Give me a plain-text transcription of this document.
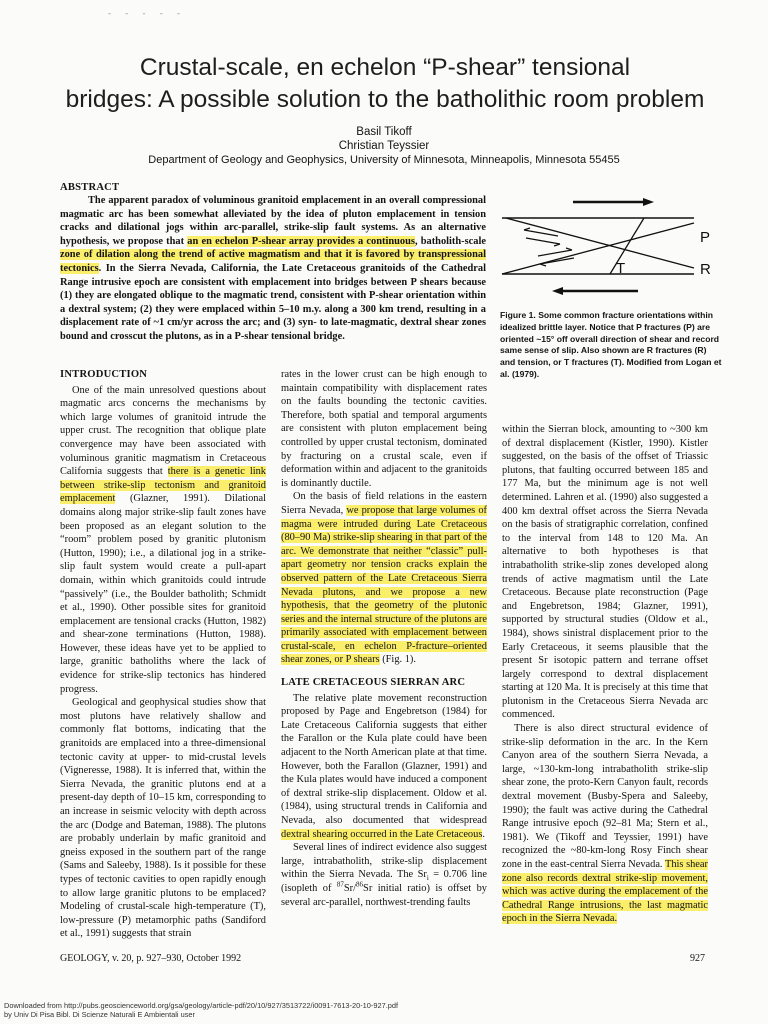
- - - - -
Crustal-scale, en echelon “P-shear” tensional
bridges: A possible solution to the batholithic room problem
Basil Tikoff
Christian Teyssier
Department of Geology and Geophysics, University of Minnesota, Minneapolis, Minnesota 55455
ABSTRACT
The apparent paradox of voluminous granitoid emplacement in an overall compressional magmatic arc has been somewhat alleviated by the idea of pluton emplacement in tension cracks and dilational jogs within arc-parallel, strike-slip fault systems. As an alternative hypothesis, we propose that an en echelon P-shear array provides a continuous, batholith-scale zone of dilation along the trend of active magmatism and that it is favored by transpressional tectonics. In the Sierra Nevada, California, the Late Cretaceous granitoids of the Cathedral Range intrusive epoch are consistent with emplacement into bridges between P shears because (1) they are elongated oblique to the magmatic trend, consistent with P-shear orientation within a dextral system; (2) they were emplaced within 5–10 m.y. along a 300 km trend, resulting in a displacement rate of ~1 cm/yr across the arc; and (3) syn- to late-magmatic, dextral shear zones bound and crosscut the plutons, as in a P-shear tensional bridge.
P
T	R
Figure 1. Some common fracture orientations within idealized brittle layer. Notice that P fractures (P) are oriented ~15° off overall direction of shear and record same sense of slip. Also shown are R fractures (R) and tension, or T fractures (T). Modified from Logan et al. (1979).
INTRODUCTION

One of the main unresolved questions about magmatic arcs concerns the mechanisms by which large volumes of granitoid intrude the upper crust. The recognition that oblique plate convergence may have been associated with voluminous granitic magmatism in Cretaceous California suggests that there is a genetic link between strike-slip tectonism and granitoid emplacement (Glazner, 1991). Dilational domains along major strike-slip fault zones have been proposed as an elegant solution to the “room” problem posed by granitic plutonism (Hutton, 1990); i.e., a dilational jog in a strike-slip fault system would create a pull-apart domain, within which granitoids could intrude “passively” (i.e., the Boulder batholith; Schmidt et al., 1990). Other possible sites for granitoid emplacement are tensional cracks (Hutton, 1982) and shear-zone terminations (Hutton, 1988). However, these ideas have yet to be applied to large, granitic batholiths where the lack of evidence for strike-slip tectonics has hindered progress.

Geological and geophysical studies show that most plutons have relatively shallow and commonly flat bottoms, indicating that the granitoids are emplaced into a three-dimensional tectonic cavity at upper- to mid-crustal levels (Vigneresse, 1988). It is inferred that, within the Sierra Nevada, the granitic plutons end at a present-day depth of 10–15 km, corresponding to an increase in seismic velocity with depth across the arc (Dodge and Bateman, 1988). The plutons are probably underlain by mafic granitoid and gneiss exposed in the southern part of the range (Sams and Saleeby, 1988). Is it possible for these types of tectonic cavities to open rapidly enough to allow large granitic plutons to be emplaced? Modeling of crustal-scale high-temperature (T), low-pressure (P) metamorphic paths (Sandiford et al., 1991) suggests that strain

rates in the lower crust can be high enough to maintain compatibility with displacement rates on the faults bounding the tectonic cavities. Therefore, both spatial and temporal arguments are consistent with pluton emplacement being controlled by upper crustal tectonism, dominated by fracturing on a crustal scale, even if deformation within and adjacent to the granitoids is dominantly ductile.

On the basis of field relations in the eastern Sierra Nevada, we propose that large volumes of magma were intruded during Late Cretaceous (80–90 Ma) strike-slip shearing in that part of the arc. We demonstrate that neither “classic” pull-apart geometry nor tension cracks explain the observed pattern of the Late Cretaceous Sierra Nevada plutons, and we propose a new hypothesis, that the geometry of the plutonic series and the internal structure of the plutons are primarily associated with emplacement between crustal-scale, en echelon P-fracture–oriented shear zones, or P shears (Fig. 1).

LATE CRETACEOUS SIERRAN ARC

The relative plate movement reconstruction proposed by Page and Engebretson (1984) for Late Cretaceous California suggests that either the Farallon or the Kula plate could have been adjacent to the North American plate at that time. However, both the Farallon (Glazner, 1991) and the Kula plates would have induced a component of dextral strike-slip displacement. Oldow et al. (1984), using structural trends in California and Nevada, also documented that widespread dextral shearing occurred in the Late Cretaceous.

Several lines of indirect evidence also suggest large, intrabatholith, strike-slip displacement within the Sierra Nevada. The $Sr_i = 0.706$ line (isopleth of $^{87}$Sr/$^{86}$Sr initial ratio) is offset by several arc-parallel, northwest-trending faults

within the Sierran block, amounting to ~300 km of dextral displacement (Kistler, 1990). Kistler suggested, on the basis of the offset of Triassic plutons, that faulting occurred between 185 and 177 Ma, but the minimum age is not well determined. Lahren et al. (1990) also suggested a 400 km dextral offset across the Sierra Nevada on the basis of stratigraphic correlation, confined to the interval from 148 to 120 Ma. An alternative to both hypotheses is that intrabatholith strike-slip zones developed along trends of active magmatism until the Late Cretaceous. Because plate reconstruction (Page and Engebretson, 1984; Glazner, 1991), supported by structural studies (Oldow et al., 1984), shows sinistral displacement prior to the Early Cretaceous, it seems plausible that the present Sr isotopic pattern and terrane offset largely correspond to dextral displacement starting at 120 Ma. It is precisely at this time that plutonism in the Cretaceous Sierra Nevada arc commenced.

There is also direct structural evidence of strike-slip deformation in the arc. In the Kern Canyon area of the southern Sierra Nevada, a large, ~130-km-long intrabatholith strike-slip shear zone, the proto-Kern Canyon fault, records dextral movement (Busby-Spera and Saleeby, 1990); the fault was active during the Cathedral Range intrusive epoch (92–81 Ma; Stern et al., 1981). We (Tikoff and Teyssier, 1991) have recognized the ~80-km-long Rosy Finch shear zone in the east-central Sierra Nevada. This shear zone also records dextral strike-slip movement, which was active during the emplacement of the Cathedral Range intrusions, the last magmatic epoch in the Sierra Nevada.

GEOLOGY, v. 20, p. 927–930, October 1992	927
Downloaded from http://pubs.geoscienceworld.org/gsa/geology/article-pdf/20/10/927/3513722/i0091-7613-20-10-927.pdf
by Univ Di Pisa Bibl. Di Scienze Naturali E Ambientali user
